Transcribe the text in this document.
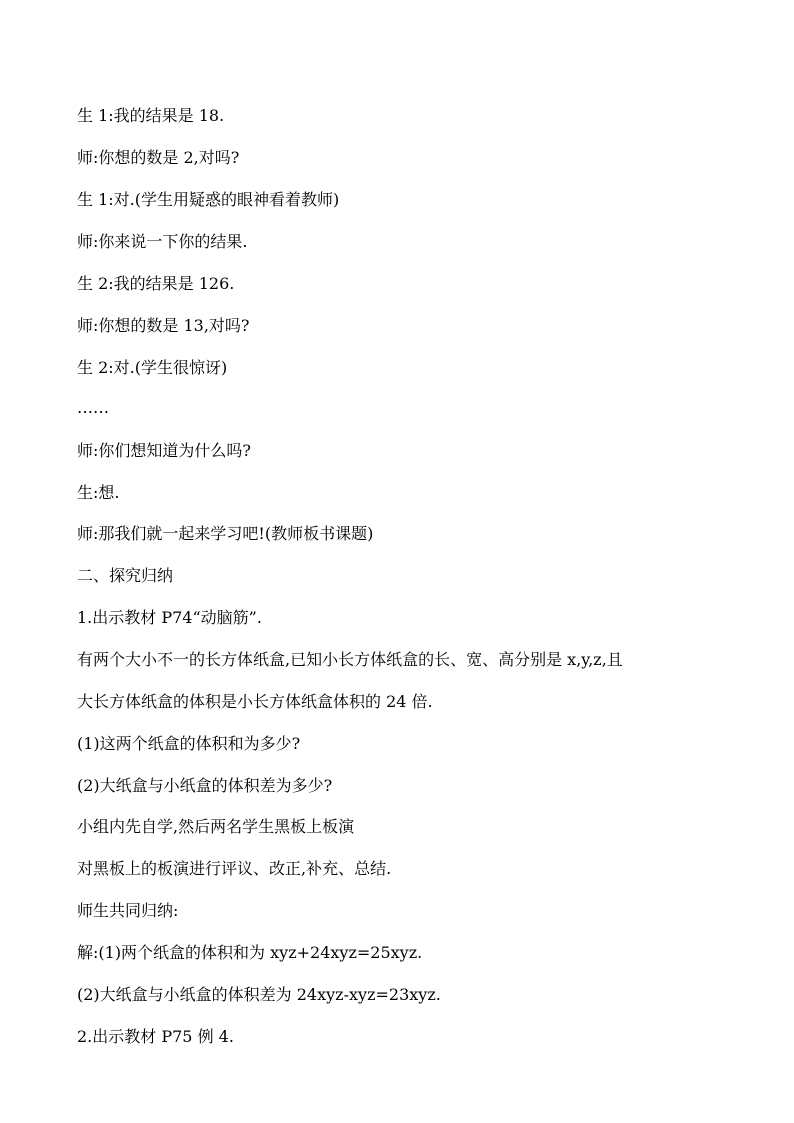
生 1:我的结果是 18.
师:你想的数是 2,对吗?
生 1:对.(学生用疑惑的眼神看着教师)
师:你来说一下你的结果.
生 2:我的结果是 126.
师:你想的数是 13,对吗?
生 2:对.(学生很惊讶)
……
师:你们想知道为什么吗?
生:想.
师:那我们就一起来学习吧!(教师板书课题)
二、探究归纳
1.出示教材 P74“动脑筋”.
有两个大小不一的长方体纸盒,已知小长方体纸盒的长、宽、高分别是 x,y,z,且
大长方体纸盒的体积是小长方体纸盒体积的 24 倍.
(1)这两个纸盒的体积和为多少?
(2)大纸盒与小纸盒的体积差为多少?
小组内先自学,然后两名学生黑板上板演
对黑板上的板演进行评议、改正,补充、总结.
师生共同归纳:
解:(1)两个纸盒的体积和为 xyz+24xyz=25xyz.
(2)大纸盒与小纸盒的体积差为 24xyz-xyz=23xyz.
2.出示教材 P75 例 4.
